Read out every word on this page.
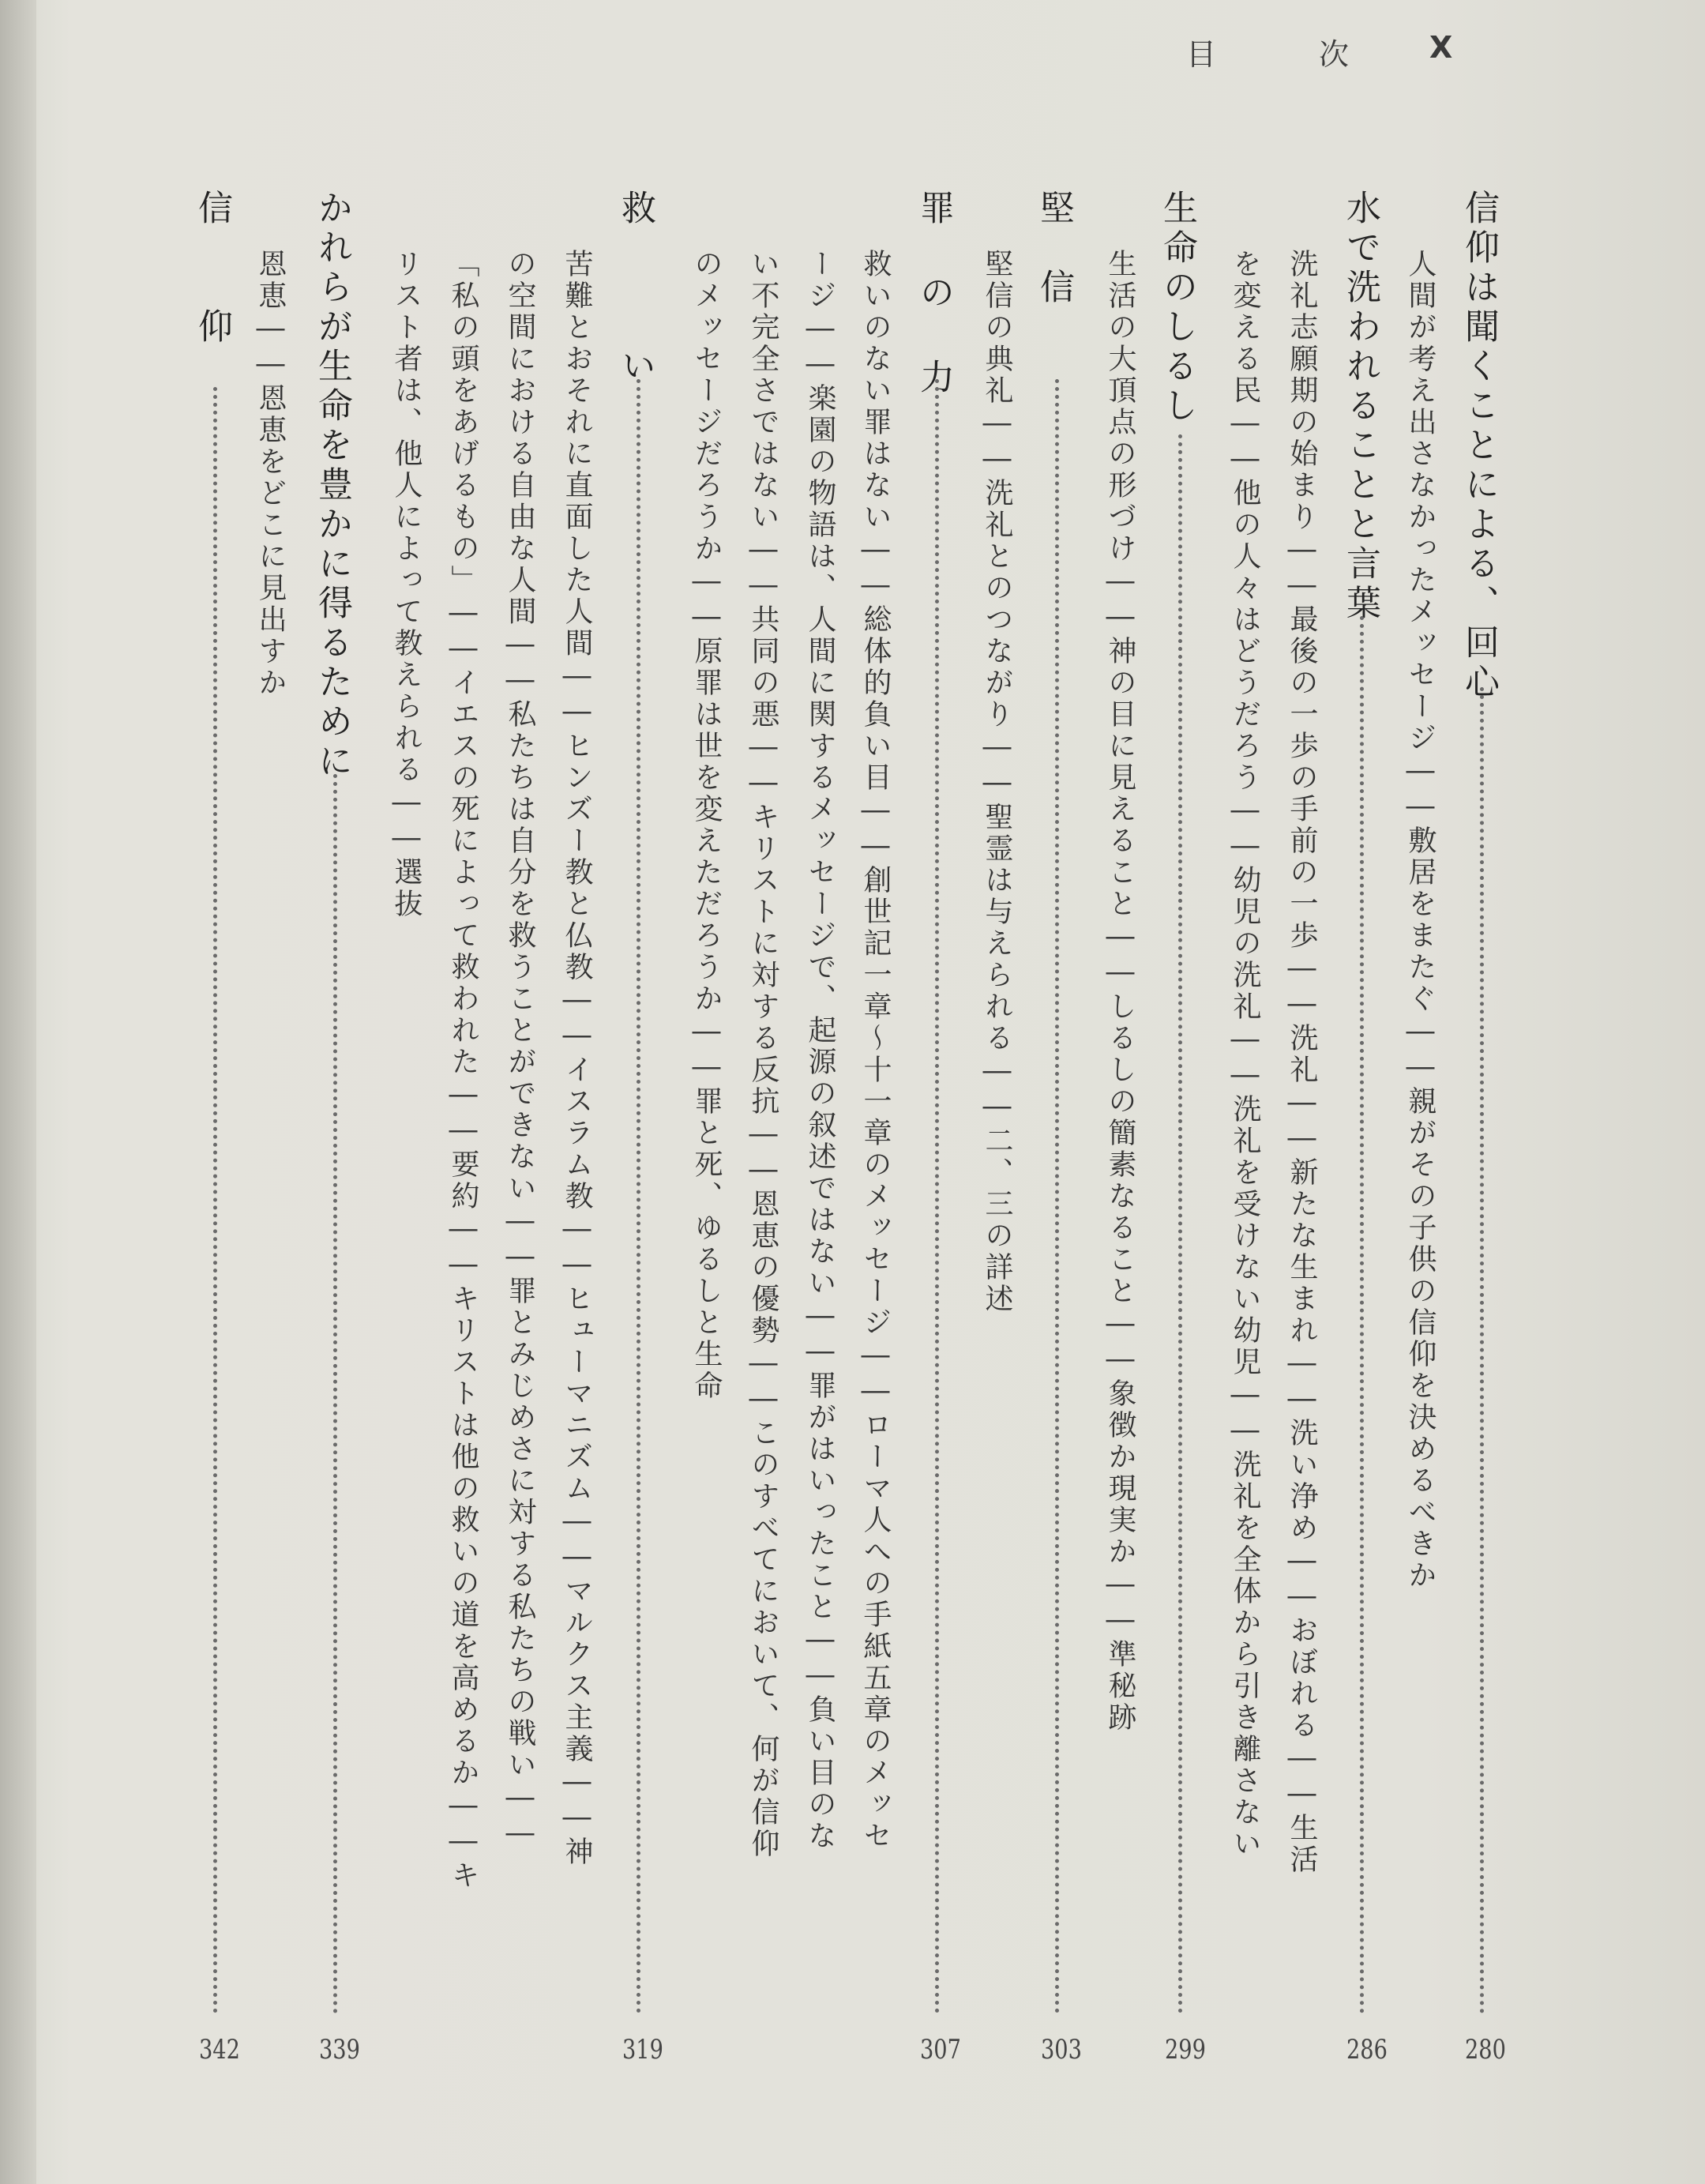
目	次	X
信仰は聞くことによる、回心
人間が考え出さなかったメッセージ――敷居をまたぐ――親がその子供の信仰を決めるべきか
280
水で洗われることと言葉
洗礼志願期の始まり――最後の一歩の手前の一歩――洗礼――新たな生まれ――洗い浄め――おぼれる――生活
を変える民――他の人々はどうだろう――幼児の洗礼――洗礼を受けない幼児――洗礼を全体から引き離さない
286
生命のしるし
生活の大頂点の形づけ――神の目に見えること――しるしの簡素なること――象徴か現実か――準秘跡
299
堅　信
堅信の典礼――洗礼とのつながり――聖霊は与えられる――二、三の詳述
303
罪 の 力
救いのない罪はない――総体的負い目――創世記一章～十一章のメッセージ――ローマ人への手紙五章のメッセ
ージ――楽園の物語は、人間に関するメッセージで、起源の叙述ではない――罪がはいったこと――負い目のな
い不完全さではない――共同の悪――キリストに対する反抗――恩恵の優勢――このすべてにおいて、何が信仰
のメッセージだろうか――原罪は世を変えただろうか――罪と死、ゆるしと生命
307
救　　　い
苦難とおそれに直面した人間――ヒンズー教と仏教――イスラム教――ヒューマニズム――マルクス主義――神
の空間における自由な人間――私たちは自分を救うことができない――罪とみじめさに対する私たちの戦い――
「私の頭をあげるもの」――イエスの死によって救われた――要約――キリストは他の救いの道を高めるか――キ
リスト者は、他人によって教えられる――選抜
319
かれらが生命を豊かに得るために
339
信　　仰 恩恵――恩恵をどこに見出すか
342
